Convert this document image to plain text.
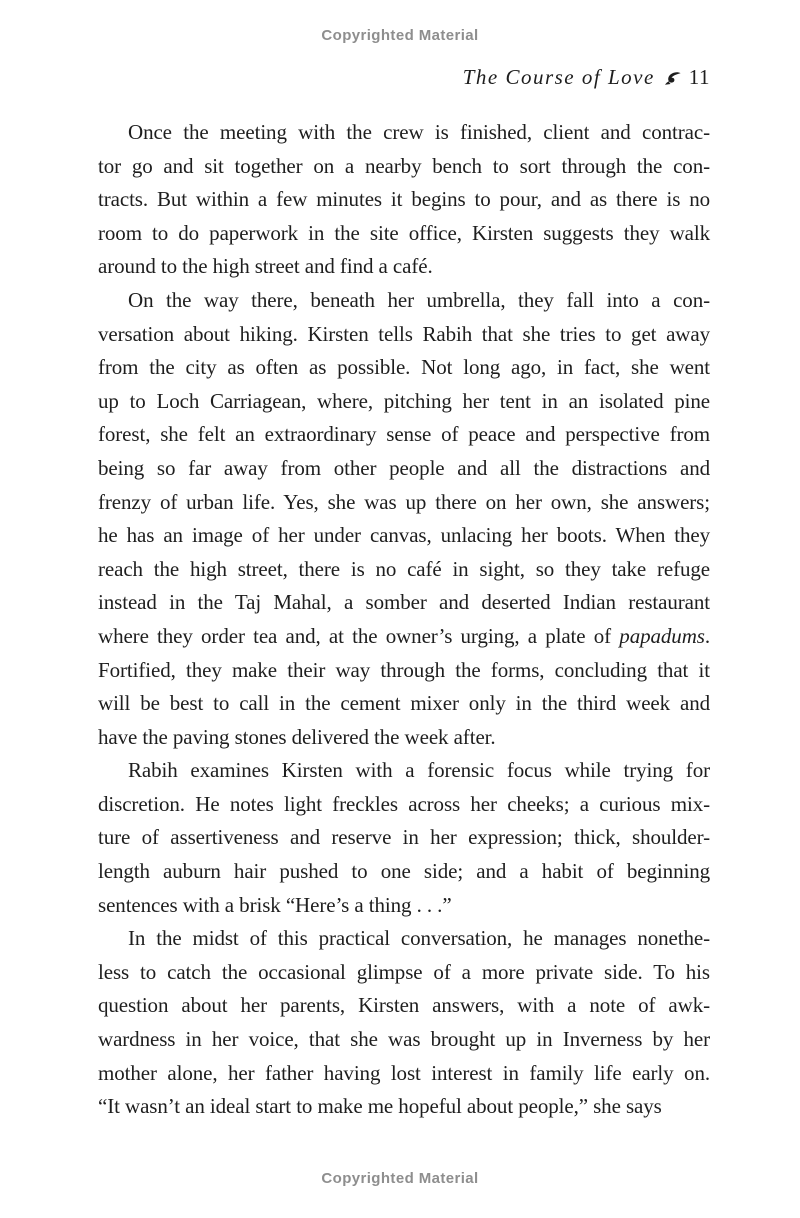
Copyrighted Material
The Course of Love 11
Once the meeting with the crew is finished, client and contrac-
tor go and sit together on a nearby bench to sort through the con-
tracts. But within a few minutes it begins to pour, and as there is no
room to do paperwork in the site office, Kirsten suggests they walk
around to the high street and find a café.
On the way there, beneath her umbrella, they fall into a con-
versation about hiking. Kirsten tells Rabih that she tries to get away
from the city as often as possible. Not long ago, in fact, she went
up to Loch Carriagean, where, pitching her tent in an isolated pine
forest, she felt an extraordinary sense of peace and perspective from
being so far away from other people and all the distractions and
frenzy of urban life. Yes, she was up there on her own, she answers;
he has an image of her under canvas, unlacing her boots. When they
reach the high street, there is no café in sight, so they take refuge
instead in the Taj Mahal, a somber and deserted Indian restaurant
where they order tea and, at the owner’s urging, a plate of papadums.
Fortified, they make their way through the forms, concluding that it
will be best to call in the cement mixer only in the third week and
have the paving stones delivered the week after.
Rabih examines Kirsten with a forensic focus while trying for
discretion. He notes light freckles across her cheeks; a curious mix-
ture of assertiveness and reserve in her expression; thick, shoulder-
length auburn hair pushed to one side; and a habit of beginning
sentences with a brisk “Here’s a thing . . .”
In the midst of this practical conversation, he manages nonethe-
less to catch the occasional glimpse of a more private side. To his
question about her parents, Kirsten answers, with a note of awk-
wardness in her voice, that she was brought up in Inverness by her
mother alone, her father having lost interest in family life early on.
“It wasn’t an ideal start to make me hopeful about people,” she says
Copyrighted Material
